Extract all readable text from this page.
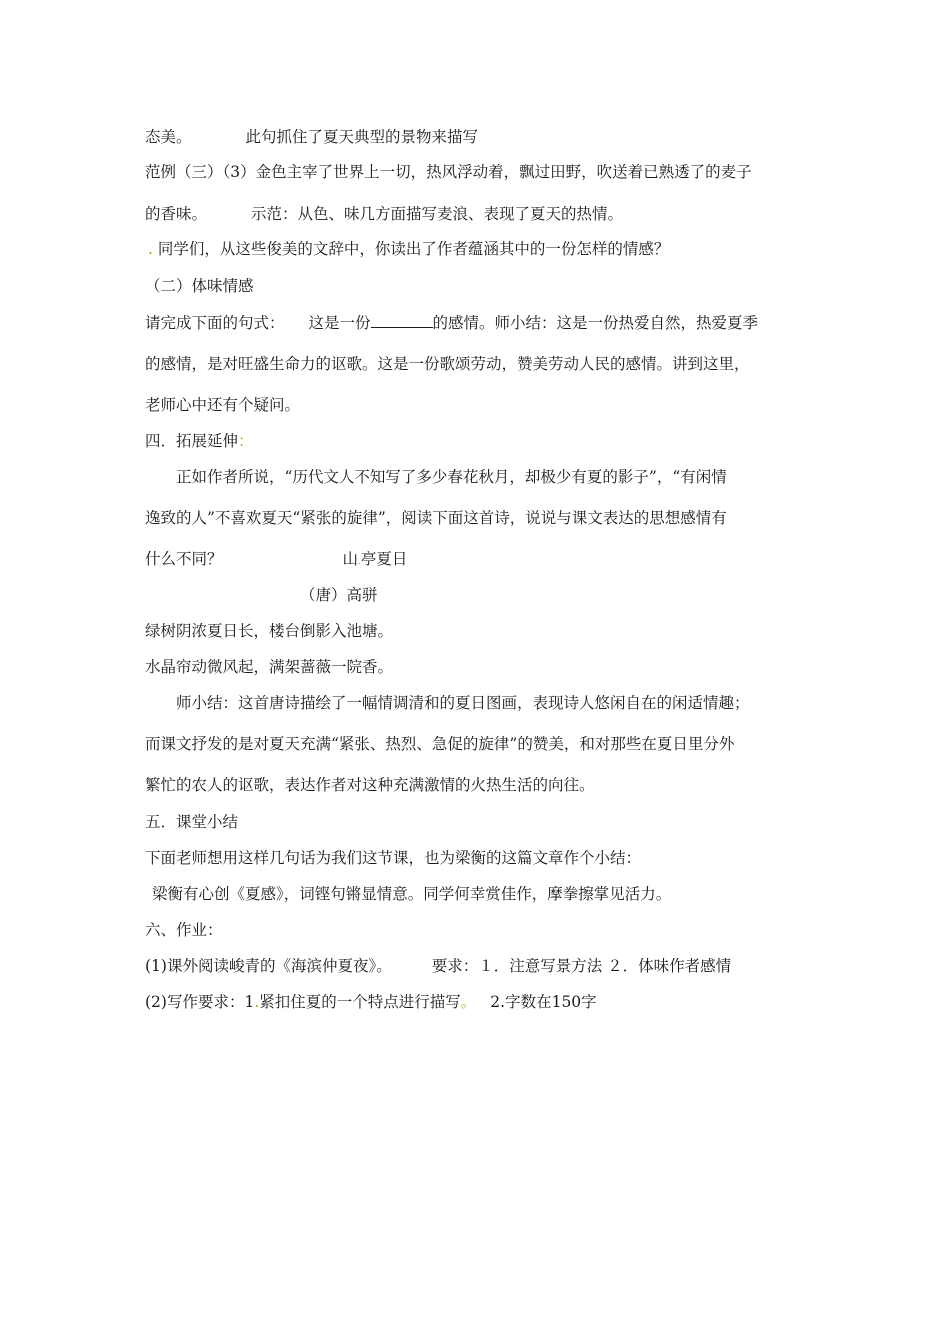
态美。	此句抓住了夏天典型的景物来描写

范例（三）（3）金色主宰了世界上一切，热风浮动着，飘过田野，吹送着已熟透了的麦子

的香味。	示范：从色、味几方面描写麦浪、表现了夏天的热情。

. 同学们，从这些俊美的文辞中，你读出了作者蕴涵其中的一份怎样的情感？

（二）体味情感

请完成下面的句式： 这是一份	的感情。师小结：这是一份热爱自然，热爱夏季

的感情，是对旺盛生命力的讴歌。这是一份歌颂劳动，赞美劳动人民的感情。讲到这里，

老师心中还有个疑问。

四．拓展延伸：

正如作者所说，“历代文人不知写了多少春花秋月，却极少有夏的影子”，“有闲情

逸致的人”不喜欢夏天“紧张的旋律”，阅读下面这首诗，说说与课文表达的思想感情有

什么不同？	山.亭夏日

（唐）高骈

绿树阴浓夏日长，楼台倒影入池塘。

水晶帘动微风起，满架蔷薇一院香。

师小结：这首唐诗描绘了一幅情调清和的夏日图画，表现诗人悠闲自在的闲适情趣；

而课文抒发的是对夏天充满“紧张、热烈、急促的旋律”的赞美，和对那些在夏日里分外

繁忙的农人的讴歌，表达作者对这种充满激情的火热生活的向往。

五．课堂小结

下面老师想用这样几句话为我们这节课，也为梁衡的这篇文章作个小结：

梁衡有心创《夏感》，词铿句锵显情意。同学何幸赏佳作，摩拳擦掌见活力。

六、作业：

(1)课外阅读峻青的《海滨仲夏夜》。	要求：１．注意写景方法 ２．体味作者感情

(2)写作要求：1.紧扣住夏的一个特点进行描写。 2.字数在150字
